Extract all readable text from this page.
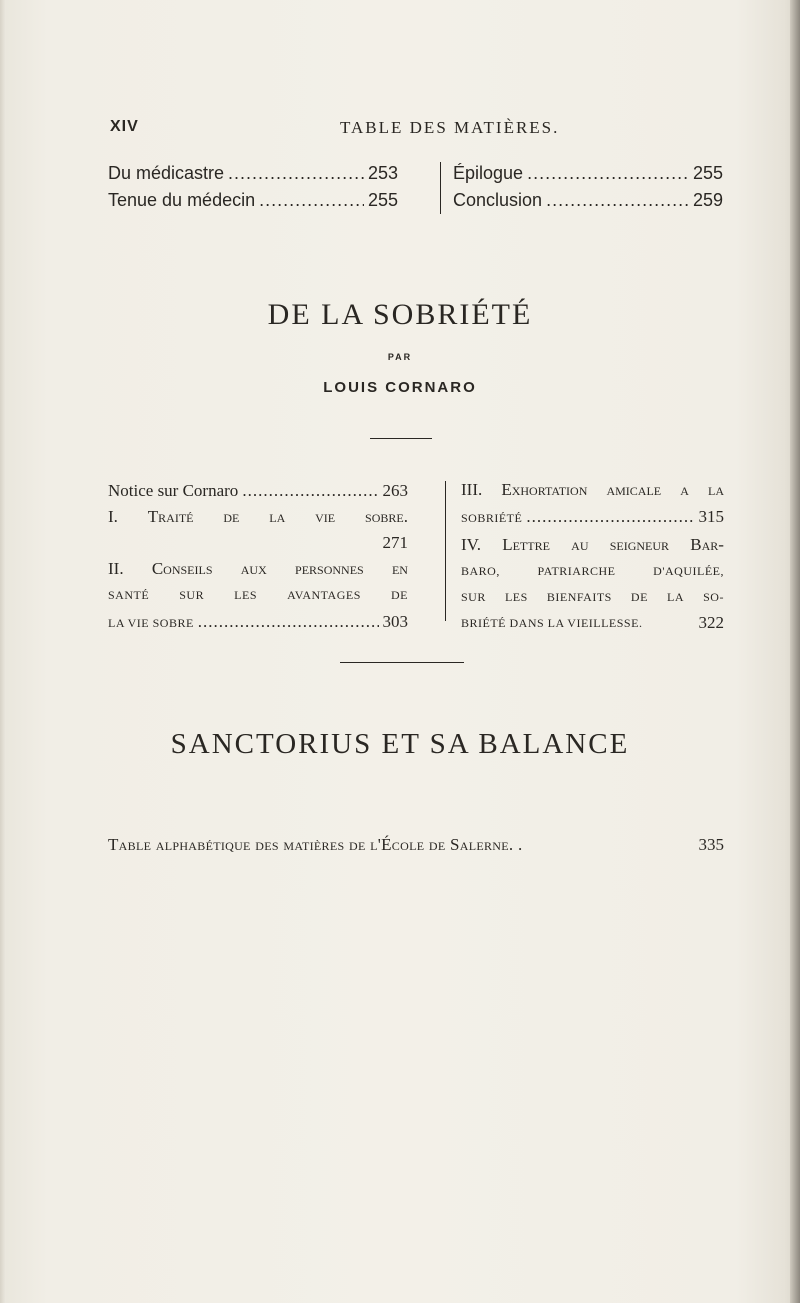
XIV	TABLE DES MATIÈRES.
Du médicastre .....	253
Tenue du médecin .....	255
Épilogue .....	255
Conclusion .....	259
DE LA SOBRIÉTÉ
PAR
LOUIS CORNARO
Notice sur Cornaro .....	263
I. Traité de la vie sobre.
271
II. Conseils aux personnes en
SANTÉ	SUR	LES	AVANTAGES	DE
LA VIE SOBRE .....	303
III. Exhortation amicale a la
SOBRIÉTÉ .....	315
IV. Lettre au seigneur Bar-
BARO,	PATRIARCHE	D'AQUILÉE,
SUR LES BIENFAITS DE LA SO-
BRIÉTÉ DANS LA VIEILLESSE.	322
SANCTORIUS ET SA BALANCE
Table alphabétique des matières de l'École de Salerne. .	335
